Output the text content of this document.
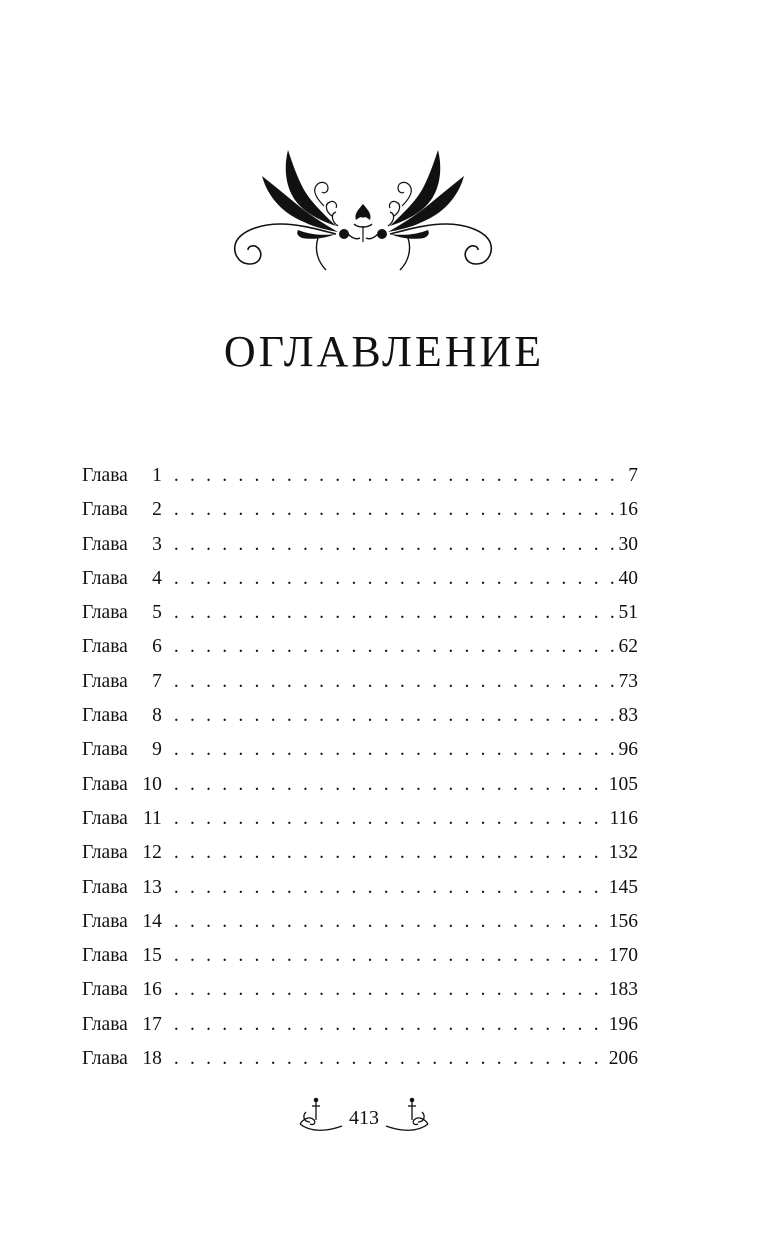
ОГЛАВЛЕНИЕ
Глава	1 . . .	7
Глава	2 . . .	16
Глава	3 . . .	30
Глава	4 . . .	40
Глава	5 . . .	51
Глава	6 . . .	62
Глава	7 . . .	73
Глава	8 . . .	83
Глава	9 . . .	96
Глава 10 . . .	105
Глава 11 . . .	116
Глава 12 . . .	132
Глава 13 . . .	145
Глава 14 . . .	156
Глава 15 . . .	170
Глава 16 . . .	183
Глава 17 . . .	196
Глава 18 . . .	206
413
